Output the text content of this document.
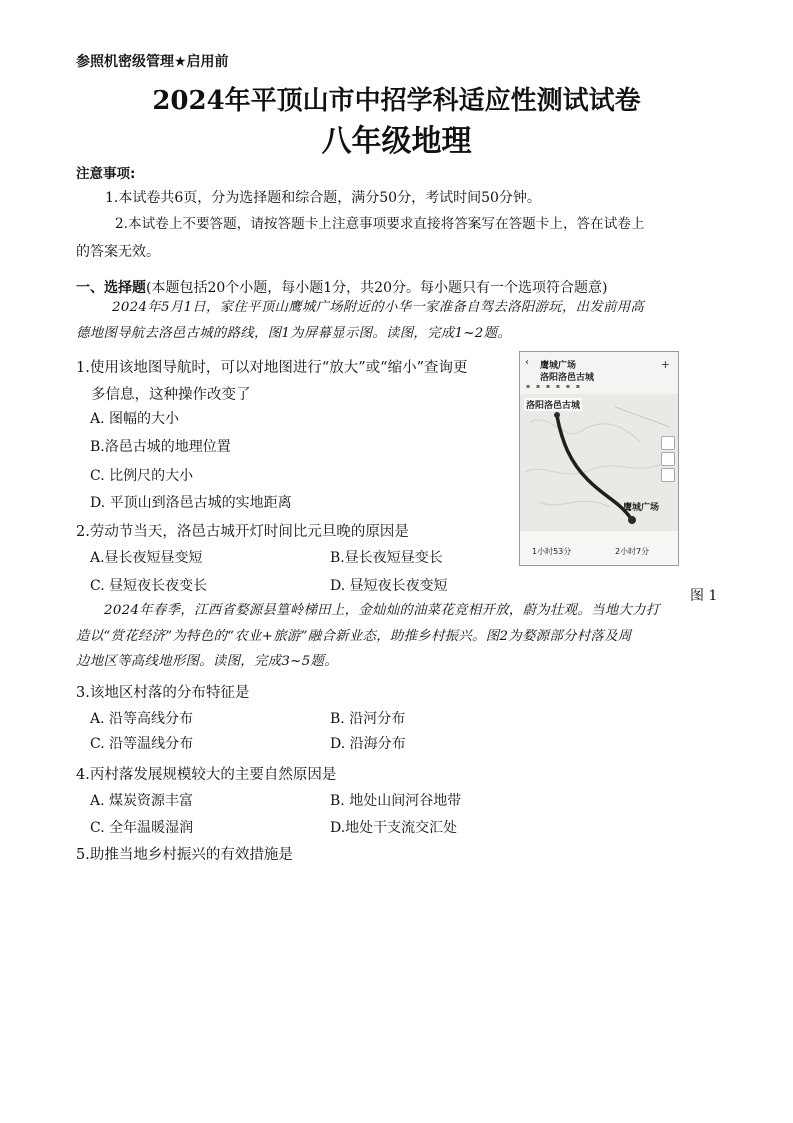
参照机密级管理★启用前
2024年平顶山市中招学科适应性测试试卷
八年级地理
注意事项:
1.本试卷共6页，分为选择题和综合题，满分50分，考试时间50分钟。
2.本试卷上不要答题，请按答题卡上注意事项要求直接将答案写在答题卡上，答在试卷上
的答案无效。
一、选择题(本题包括20个小题，每小题1分，共20分。每小题只有一个选项符合题意)
2024年5月1日，家住平顶山鹰城广场附近的小华一家准备自驾去洛阳游玩，出发前用高
德地图导航去洛邑古城的路线，图1为屏幕显示图。读图，完成1~2题。
1.使用该地图导航时，可以对地图进行“放大”或“缩小”查询更
多信息，这种操作改变了
A. 图幅的大小
B.洛邑古城的地理位置
C. 比例尺的大小
D. 平顶山到洛邑古城的实地距离
2.劳动节当天，洛邑古城开灯时间比元旦晚的原因是
A.昼长夜短昼变短	B.昼长夜短昼变长
C. 昼短夜长夜变长	D. 昼短夜长夜变短
‹ 鹰城广场
洛阳洛邑古城
+
▪ ▪ ▪ ▪ ▪ ▪
洛阳洛邑古城
鹰城广场
1小时53分	2小时7分
图 1
2024年春季，江西省婺源县篁岭梯田上，金灿灿的油菜花竞相开放，蔚为壮观。当地大力打
造以“赏花经济”为特色的“农业+旅游”融合新业态，助推乡村振兴。图2为婺源部分村落及周
边地区等高线地形图。读图，完成3~5题。
3.该地区村落的分布特征是
A. 沿等高线分布	B. 沿河分布
C. 沿等温线分布	D. 沿海分布
4.丙村落发展规模较大的主要自然原因是
A. 煤炭资源丰富	B. 地处山间河谷地带
C. 全年温暖湿润	D.地处干支流交汇处
5.助推当地乡村振兴的有效措施是
